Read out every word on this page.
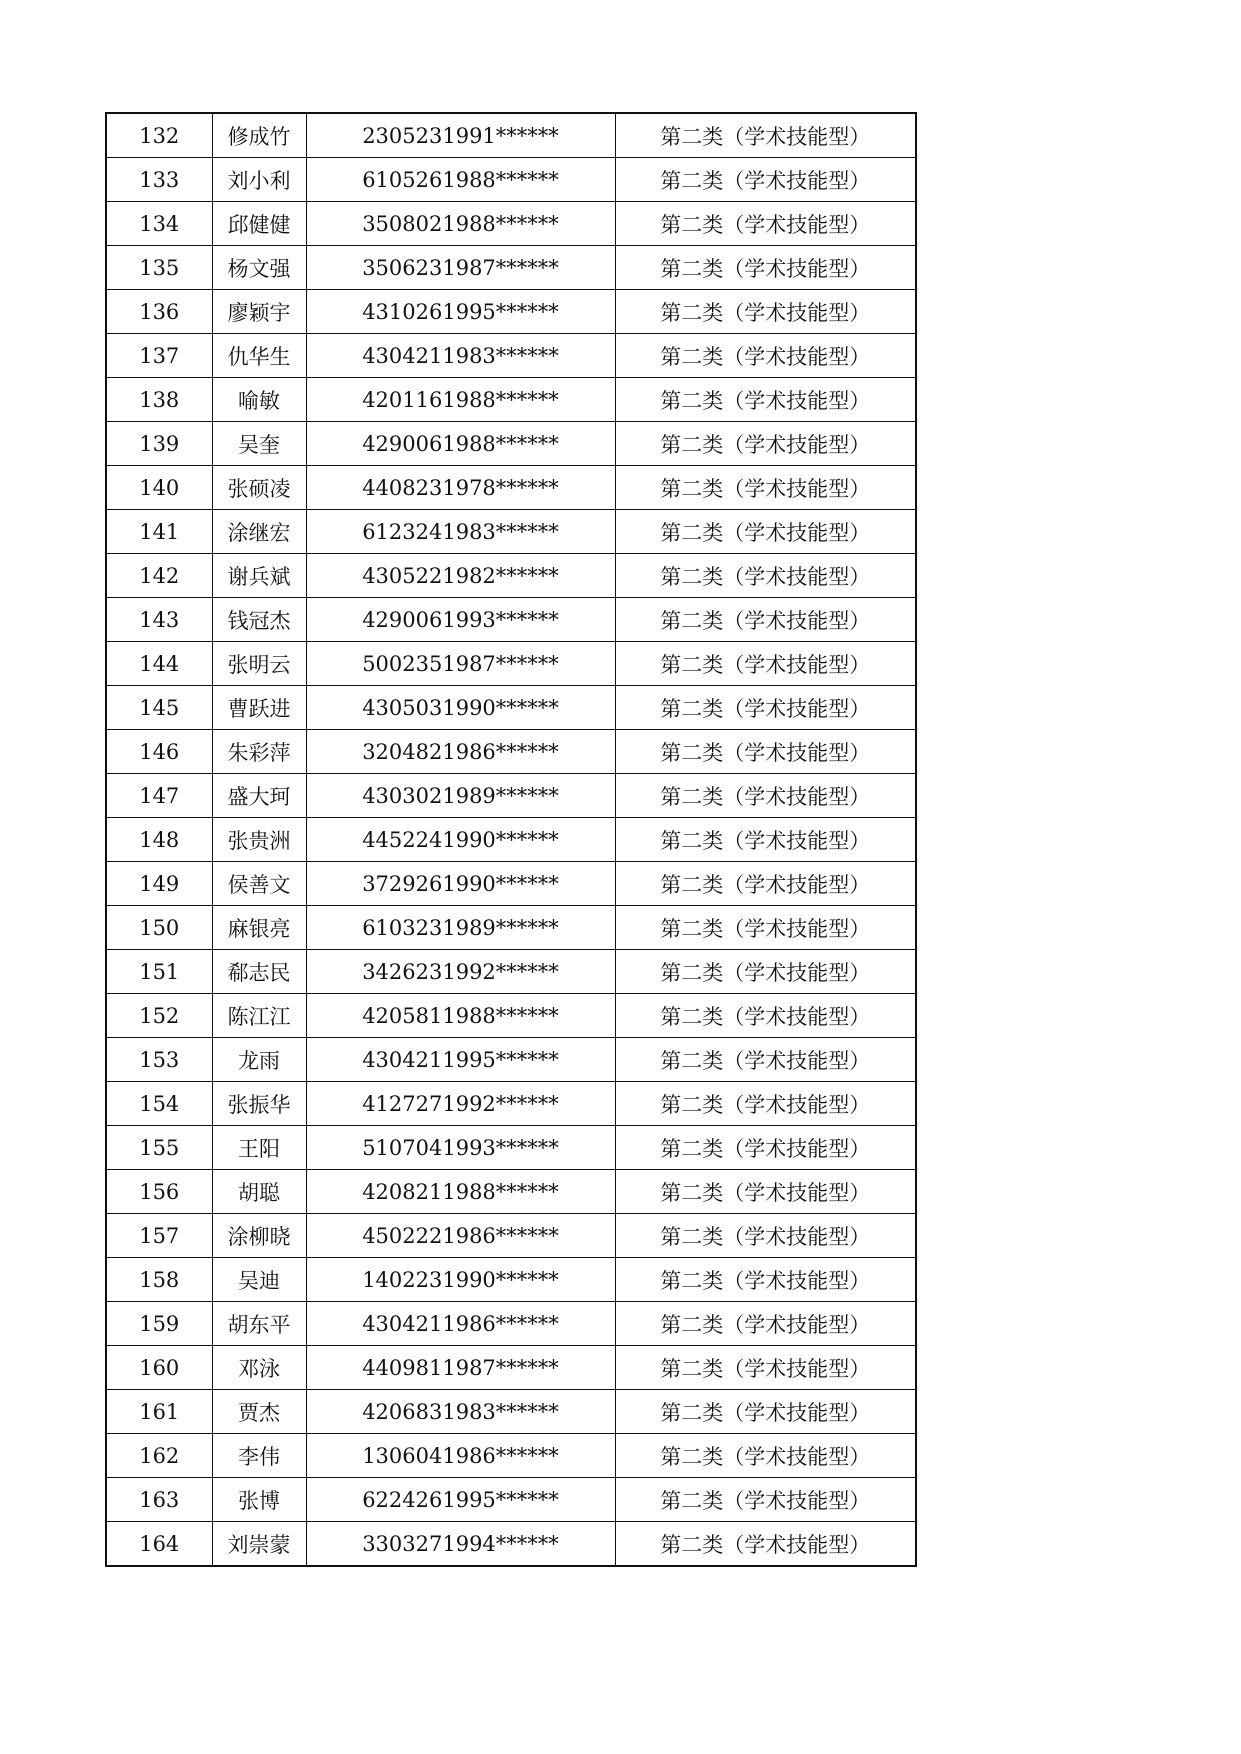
132	修成竹	2305231991******	第二类（学术技能型）
133	刘小利	6105261988******	第二类（学术技能型）
134	邱健健	3508021988******	第二类（学术技能型）
135	杨文强	3506231987******	第二类（学术技能型）
136	廖颖宇	4310261995******	第二类（学术技能型）
137	仇华生	4304211983******	第二类（学术技能型）
138	喻敏	4201161988******	第二类（学术技能型）
139	吴奎	4290061988******	第二类（学术技能型）
140	张硕凌	4408231978******	第二类（学术技能型）
141	涂继宏	6123241983******	第二类（学术技能型）
142	谢兵斌	4305221982******	第二类（学术技能型）
143	钱冠杰	4290061993******	第二类（学术技能型）
144	张明云	5002351987******	第二类（学术技能型）
145	曹跃进	4305031990******	第二类（学术技能型）
146	朱彩萍	3204821986******	第二类（学术技能型）
147	盛大珂	4303021989******	第二类（学术技能型）
148	张贵洲	4452241990******	第二类（学术技能型）
149	侯善文	3729261990******	第二类（学术技能型）
150	麻银亮	6103231989******	第二类（学术技能型）
151	郗志民	3426231992******	第二类（学术技能型）
152	陈江江	4205811988******	第二类（学术技能型）
153	龙雨	4304211995******	第二类（学术技能型）
154	张振华	4127271992******	第二类（学术技能型）
155	王阳	5107041993******	第二类（学术技能型）
156	胡聪	4208211988******	第二类（学术技能型）
157	涂柳晓	4502221986******	第二类（学术技能型）
158	吴迪	1402231990******	第二类（学术技能型）
159	胡东平	4304211986******	第二类（学术技能型）
160	邓泳	4409811987******	第二类（学术技能型）
161	贾杰	4206831983******	第二类（学术技能型）
162	李伟	1306041986******	第二类（学术技能型）
163	张博	6224261995******	第二类（学术技能型）
164	刘崇蒙	3303271994******	第二类（学术技能型）
